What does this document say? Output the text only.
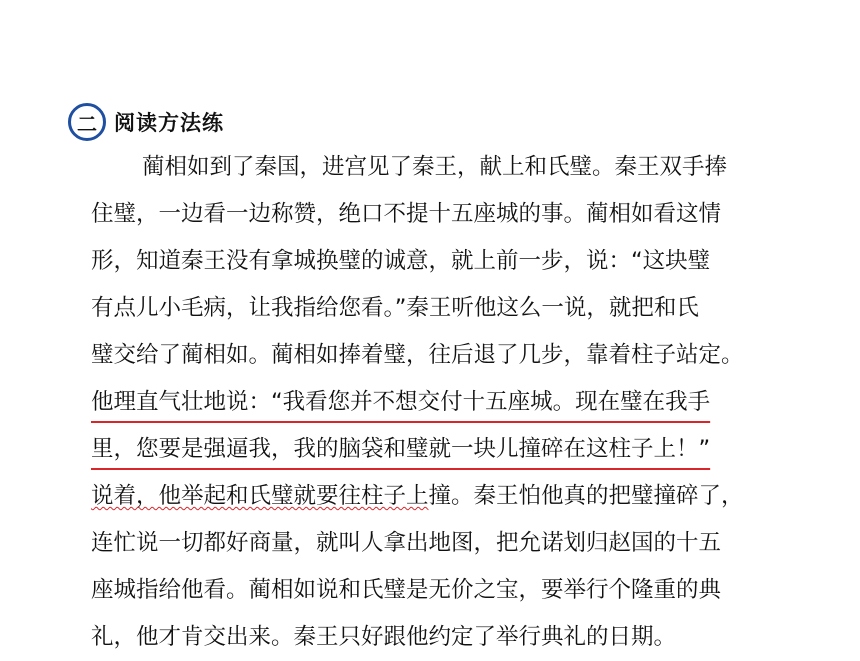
二 阅读方法练
蔺相如到了秦国，进宫见了秦王，献上和氏璧。秦王双手捧
住璧，一边看一边称赞，绝口不提十五座城的事。蔺相如看这情
形，知道秦王没有拿城换璧的诚意，就上前一步，说：“这块璧
有点儿小毛病，让我指给您看。”秦王听他这么一说，就把和氏
璧交给了蔺相如。蔺相如捧着璧，往后退了几步，靠着柱子站定。
他理直气壮地说：“我看您并不想交付十五座城。现在璧在我手
里，您要是强逼我，我的脑袋和璧就一块儿撞碎在这柱子上！”
说着，他举起和氏璧就要往柱子上撞。秦王怕他真的把璧撞碎了，
连忙说一切都好商量，就叫人拿出地图，把允诺划归赵国的十五
座城指给他看。蔺相如说和氏璧是无价之宝，要举行个隆重的典
礼，他才肯交出来。秦王只好跟他约定了举行典礼的日期。
